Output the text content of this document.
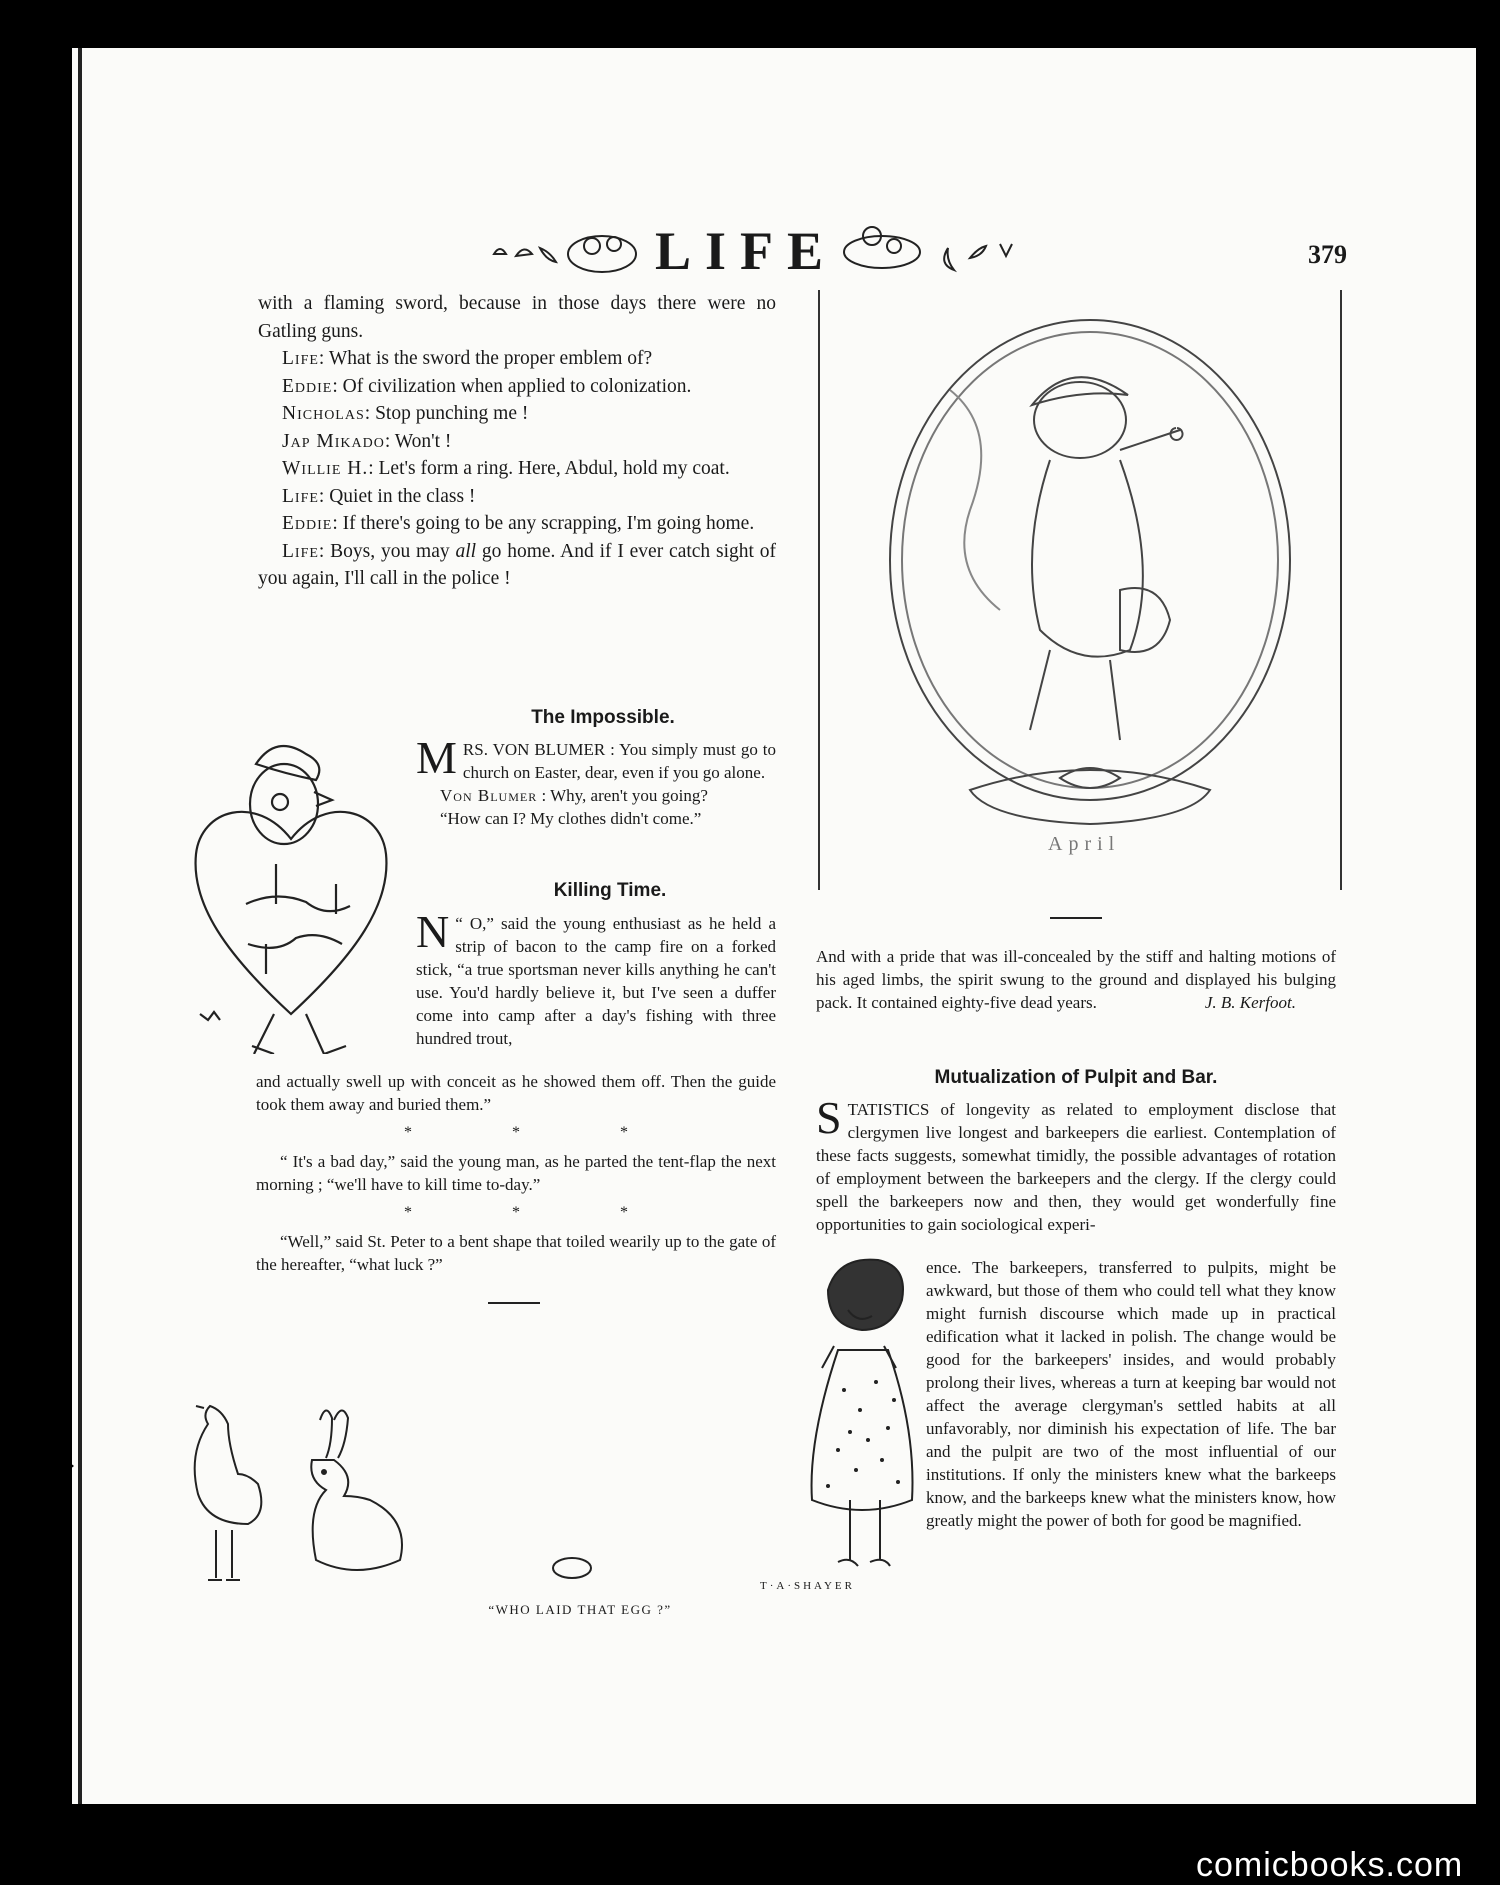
LIFE	379

with a flaming sword, because in those days there were no Gatling guns.

Life: What is the sword the proper emblem of?

Eddie: Of civilization when applied to colonization.

Nicholas: Stop punching me !

Jap Mikado: Won't !

Willie H.: Let's form a ring. Here, Abdul, hold my coat.

Life: Quiet in the class !

Eddie: If there's going to be any scrapping, I'm going home.

Life: Boys, you may all go home. And if I ever catch sight of you again, I'll call in the police !

The Impossible.

MRS. VON BLUMER : You simply must go to church on Easter, dear, even if you go alone.

Von Blumer : Why, aren't you going?

“How can I? My clothes didn't come.”

Killing Time.

“
N O,” said the young enthusiast as he held a strip of bacon to the camp fire on a forked stick, “a true sportsman never kills anything he can't use. You'd hardly believe it, but I've seen a duffer come into camp after a day's fishing with three hundred trout,

and actually swell up with conceit as he showed them off. Then the guide took them away and buried them.”

* * *

“ It's a bad day,” said the young man, as he parted the tent-flap the next morning ; “we'll have to kill time to-day.”

* * *

“Well,” said St. Peter to a bent shape that toiled wearily up to the gate of the hereafter, “what luck ?”

April

And with a pride that was ill-concealed by the stiff and halting motions of his aged limbs, the spirit swung to the ground and displayed his bulging pack. It contained eighty-five dead years.	J. B. Kerfoot.

Mutualization of Pulpit and Bar.

STATISTICS of longevity as related to employment disclose that clergymen live longest and barkeepers die earliest. Contemplation of these facts suggests, somewhat timidly, the possible advantages of rotation of employment between the barkeepers and the clergy. If the clergy could spell the barkeepers now and then, they would get wonderfully fine opportunities to gain sociological experi-

ence. The barkeepers, transferred to pulpits, might be awkward, but those of them who could tell what they know might furnish discourse which made up in practical edification what it lacked in polish. The change would be good for the barkeepers' insides, and would probably prolong their lives, whereas a turn at keeping bar would not affect the average clergyman's settled habits at all unfavorably, nor diminish his expectation of life. The bar and the pulpit are two of the most influential of our institutions. If only the ministers knew what the barkeeps know, and the barkeeps knew what the ministers know, how greatly might the power of both for good be magnified.

T·A·SHAYER
“WHO LAID THAT EGG ?”
comicbooks.com
